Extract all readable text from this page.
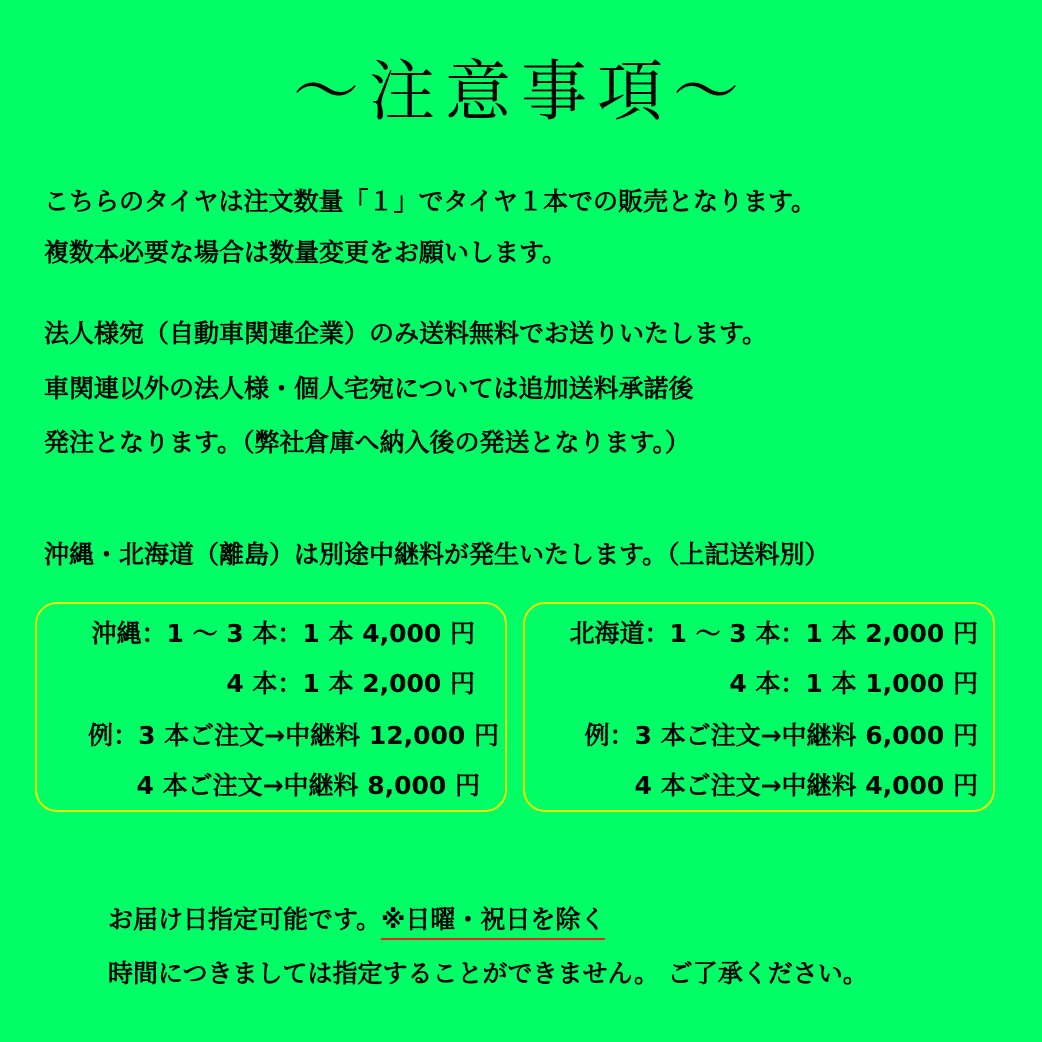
～注意事項～
こちらのタイヤは注文数量「１」でタイヤ１本での販売となります。
複数本必要な場合は数量変更をお願いします。
法人様宛（自動車関連企業）のみ送料無料でお送りいたします。
車関連以外の法人様・個人宅宛については追加送料承諾後
発注となります。（弊社倉庫へ納入後の発送となります。）
沖縄・北海道（離島）は別途中継料が発生いたします。（上記送料別）
沖縄：1 ～ 3 本：1 本 4,000 円
4 本：1 本 2,000 円
例：3 本ご注文→中継料 12,000 円
4 本ご注文→中継料 8,000 円
北海道：1 ～ 3 本：1 本 2,000 円
4 本：1 本 1,000 円
例：3 本ご注文→中継料 6,000 円
4 本ご注文→中継料 4,000 円
お届け日指定可能です。※日曜・祝日を除く
時間につきましては指定することができません。 ご了承ください。
